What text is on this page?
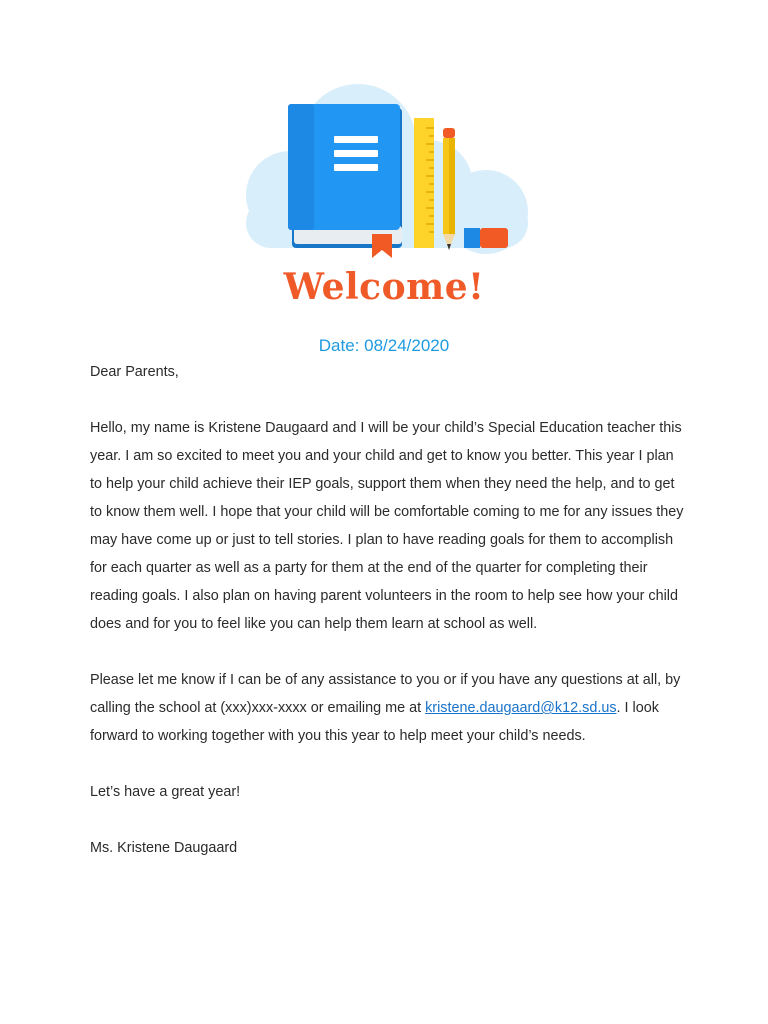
Welcome!

Date: 08/24/2020

Dear Parents,

Hello, my name is Kristene Daugaard and I will be your child’s Special Education teacher this year. I am so excited to meet you and your child and get to know you better. This year I plan to help your child achieve their IEP goals, support them when they need the help, and to get to know them well. I hope that your child will be comfortable coming to me for any issues they may have come up or just to tell stories. I plan to have reading goals for them to accomplish for each quarter as well as a party for them at the end of the quarter for completing their reading goals. I also plan on having parent volunteers in the room to help see how your child does and for you to feel like you can help them learn at school as well.

Please let me know if I can be of any assistance to you or if you have any questions at all, by calling the school at (xxx)xxx-xxxx or emailing me at kristene.daugaard@k12.sd.us. I look forward to working together with you this year to help meet your child’s needs.

Let’s have a great year!

Ms. Kristene Daugaard
